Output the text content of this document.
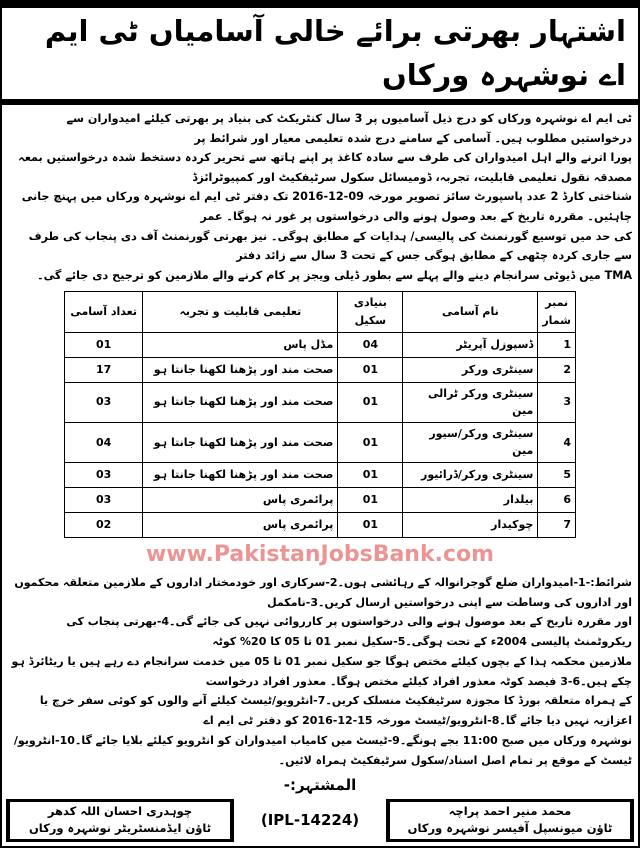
اشتہار بھرتی برائے خالی آسامیاں ٹی ایم اے نوشہرہ ورکاں
ٹی ایم اے نوشہرہ ورکاں کو درج ذیل آسامیوں پر 3 سال کنٹریکٹ کی بنیاد پر بھرتی کیلئے امیدواران سے درخواستیں مطلوب ہیں۔ آسامی کے سامنے درج شدہ تعلیمی معیار اور شرائط پر
پورا اترنے والے اہل امیدواران کی طرف سے سادہ کاغذ پر اپنے ہاتھ سے تحریر کردہ دستخط شدہ درخواستیں بمعہ مصدقہ نقول تعلیمی قابلیت، تجربہ، ڈومیسائل سکول سرٹیفکیٹ اور کمپیوٹرائزڈ
شناختی کارڈ 2 عدد پاسپورٹ سائز تصویر مورخہ 09-12-2016 تک دفتر ٹی ایم اے نوشہرہ ورکاں میں پہنچ جانی چاہئیں۔ مقررہ تاریخ کے بعد وصول ہونے والی درخواستوں پر غور نہ ہوگا۔ عمر
کی حد میں توسیع گورنمنٹ کی پالیسی/ ہدایات کے مطابق ہوگی۔ نیز بھرتی گورنمنٹ آف دی پنجاب کی طرف سے جاری کردہ چٹھی کے مطابق ہوگی جس کے تحت 3 سال سے زائد دفتر
TMA میں ڈیوٹی سرانجام دینے والے پہلے سے بطور ڈیلی ویجز پر کام کرنے والے ملازمین کو ترجیح دی جائے گی۔
نمبر شمار	نام آسامی	بنیادی سکیل	تعلیمی قابلیت و تجربہ	تعداد آسامی
1	ڈسپوزل آپریٹر	04	مڈل پاس	01
2	سینٹری ورکر	01	صحت مند اور پڑھنا لکھنا جانتا ہو	17
3	سینٹری ورکر ٹرالی مین	01	صحت مند اور پڑھنا لکھنا جانتا ہو	03
4	سینٹری ورکر/سیور مین	01	صحت مند اور پڑھنا لکھنا جانتا ہو	04
5	سینٹری ورکر/ڈرائیور	01	صحت مند اور پڑھنا لکھنا جانتا ہو	03
6	بیلدار	01	پرائمری پاس	03
7	چوکیدار	01	پرائمری پاس	02
www.PakistanJobsBank.com
شرائط:-1-امیدواران ضلع گوجرانوالہ کے رہائشی ہوں۔2-سرکاری اور خودمختار اداروں کے ملازمین متعلقہ محکموں اور اداروں کی وساطت سے اپنی درخواستیں ارسال کریں۔3-نامکمل
اور مقررہ تاریخ کے بعد موصول ہونے والی درخواستوں پر کارروائی نہیں کی جائے گی۔4-بھرتی پنجاب کی ریکروٹمنٹ پالیسی 2004ء کے تحت ہوگی۔5-سکیل نمبر 01 تا 05 کا 20% کوٹہ
ملازمین محکمہ ہذا کے بچوں کیلئے مختص ہوگا جو سکیل نمبر 01 تا 05 میں خدمت سرانجام دے رہے ہیں یا ریٹائرڈ ہو چکے ہیں۔6-3 فیصد کوٹہ معذور افراد کیلئے مختص ہوگا۔ معذور افراد درخواست
کے ہمراہ متعلقہ بورڈ کا مجوزہ سرٹیفکیٹ منسلک کریں۔7-انٹرویو/ٹیسٹ کیلئے آنے والوں کو کوئی سفر خرچ یا اعزازیہ نہیں دیا جائے گا۔8-انٹرویو/ٹیسٹ مورخہ 15-12-2016 کو دفتر ٹی ایم اے
نوشہرہ ورکاں میں صبح 11:00 بجے ہونگے۔9-ٹیسٹ میں کامیاب امیدواران کو انٹرویو کیلئے بلایا جائے گا۔10-انٹرویو/ٹیسٹ کے موقع پر تمام اصل اسناد/سکول سرٹیفکیٹ ہمراہ لائیں۔
المشتہر:-
چوہدری احسان اللہ کدھر
ٹاؤن ایڈمنسٹریٹر نوشہرہ ورکاں	(IPL-14224)
محمد منیر احمد پراچہ
ٹاؤن میونسپل آفیسر نوشہرہ ورکاں
